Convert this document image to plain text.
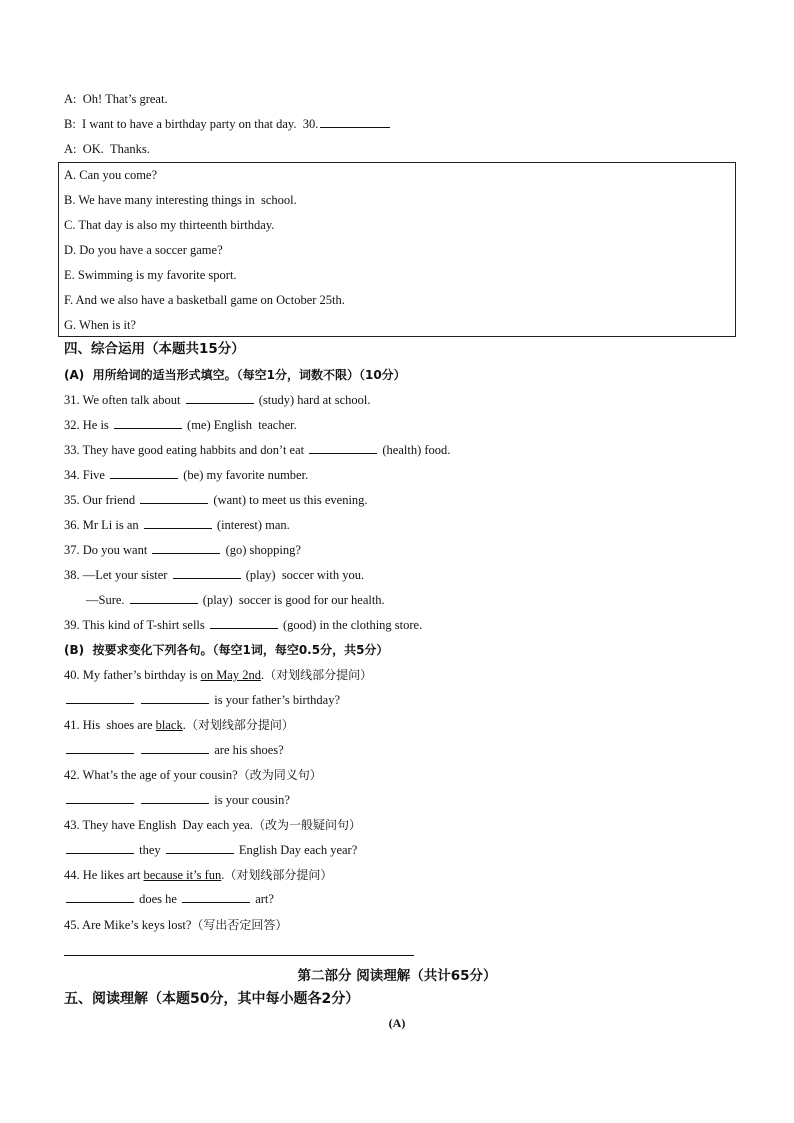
A:  Oh! That’s great.
B:  I want to have a birthday party on that day.  30.
A:  OK.  Thanks.
A. Can you come?
B. We have many interesting things in  school.
C. That day is also my thirteenth birthday.
D. Do you have a soccer game?
E. Swimming is my favorite sport.
F. And we also have a basketball game on October 25th.
G. When is it?
四、综合运用（本题共15分）
(A)  用所给词的适当形式填空。（每空1分，词数不限）（10分）
31. We often talk about	(study) hard at school.
32. He is	(me) English  teacher.
33. They have good eating habbits and don’t eat	(health) food.
34. Five	(be) my favorite number.
35. Our friend	(want) to meet us this evening.
36. Mr Li is an	(interest) man.
37. Do you want	(go) shopping?
38. —Let your sister	(play)  soccer with you.
—Sure.	(play)  soccer is good for our health.
39. This kind of T-shirt sells	(good) in the clothing store.
(B)  按要求变化下列各句。（每空1词，每空0.5分，共5分）
40. My father’s birthday is on May 2nd.（对划线部分提问）
is your father’s birthday?
41. His  shoes are black.（对划线部分提问）
are his shoes?
42. What’s the age of your cousin?（改为同义句）
is your cousin?
43. They have English  Day each yea.（改为一般疑问句）
they	English Day each year?
44. He likes art because it’s fun.（对划线部分提问）
does he	art?
45. Are Mike’s keys lost?（写出否定回答）
第二部分 阅读理解（共计65分）
五、阅读理解（本题50分，其中每小题各2分）
(A)
